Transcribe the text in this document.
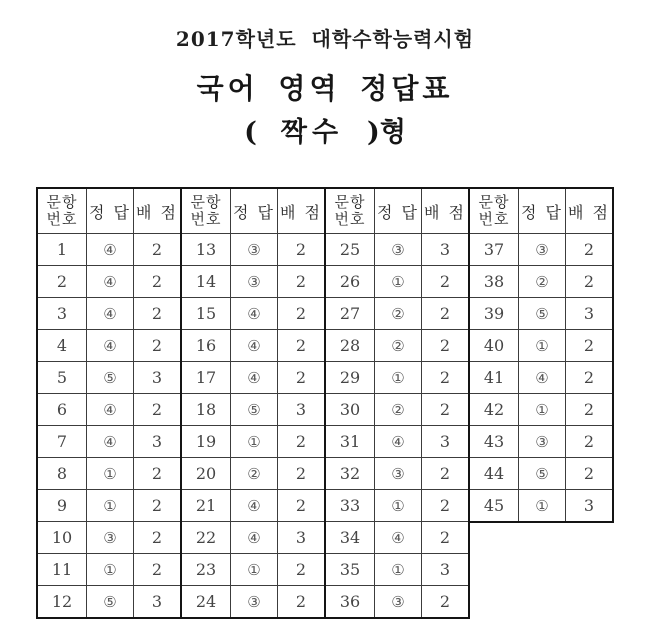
2017학년도 대학수학능력시험
국어 영역 정답표
( 짝수 )형
문항
번호	정 답	배 점
1	④	2
2	④	2
3	④	2
4	④	2
5	⑤	3
6	④	2
7	④	3
8	①	2
9	①	2
10	③	2
11	①	2
12	⑤	3
문항
번호	정 답	배 점
13	③	2
14	③	2
15	④	2
16	④	2
17	④	2
18	⑤	3
19	①	2
20	②	2
21	④	2
22	④	3
23	①	2
24	③	2
문항
번호	정 답	배 점
25	③	3
26	①	2
27	②	2
28	②	2
29	①	2
30	②	2
31	④	3
32	③	2
33	①	2
34	④	2
35	①	3
36	③	2
문항
번호	정 답	배 점
37	③	2
38	②	2
39	⑤	3
40	①	2
41	④	2
42	①	2
43	③	2
44	⑤	2
45	①	3
